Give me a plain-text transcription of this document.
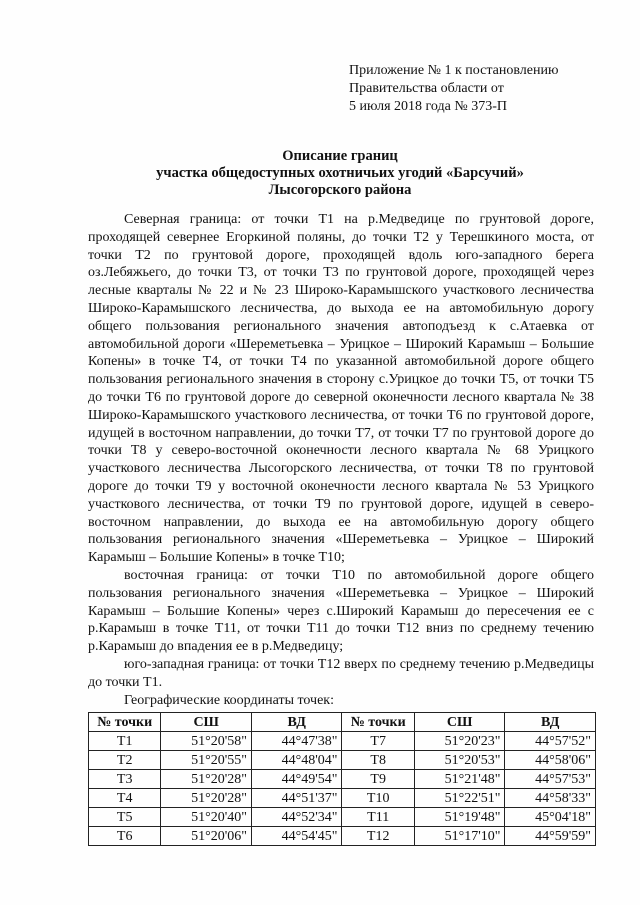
Приложение № 1 к постановлению
Правительства области от
5 июля 2018 года № 373-П
Описание границ
участка общедоступных охотничьих угодий «Барсучий»
Лысогорского района

Северная граница: от точки Т1 на р.Медведице по грунтовой дороге, проходящей севернее Егоркиной поляны, до точки Т2 у Терешкиного моста, от точки Т2 по грунтовой дороге, проходящей вдоль юго-западного берега оз.Лебяжьего, до точки Т3, от точки Т3 по грунтовой дороге, проходящей через лесные кварталы № 22 и № 23 Широко-Карамышского участкового лесничества Широко-Карамышского лесничества, до выхода ее на автомобильную дорогу общего пользования регионального значения автоподъезд к с.Атаевка от автомобильной дороги «Шереметьевка – Урицкое – Широкий Карамыш – Большие Копены» в точке Т4, от точки Т4 по указанной автомобильной дороге общего пользования регионального значения в сторону с.Урицкое до точки Т5, от точки Т5 до точки Т6 по грунтовой дороге до северной оконечности лесного квартала № 38 Широко-Карамышского участкового лесничества, от точки Т6 по грунтовой дороге, идущей в восточном направлении, до точки Т7, от точки Т7 по грунтовой дороге до точки Т8 у северо-восточной оконечности лесного квартала № 68 Урицкого участкового лесничества Лысогорского лесничества, от точки Т8 по грунтовой дороге до точки Т9 у восточной оконечности лесного квартала № 53 Урицкого участкового лесничества, от точки Т9 по грунтовой дороге, идущей в северо-восточном направлении, до выхода ее на автомобильную дорогу общего пользования регионального значения «Шереметьевка – Урицкое – Широкий Карамыш – Большие Копены» в точке Т10;

восточная граница: от точки Т10 по автомобильной дороге общего пользования регионального значения «Шереметьевка – Урицкое – Широкий Карамыш – Большие Копены» через с.Широкий Карамыш до пересечения ее с р.Карамыш в точке Т11, от точки Т11 до точки Т12 вниз по среднему течению р.Карамыш до впадения ее в р.Медведицу;

юго-западная граница: от точки Т12 вверх по среднему течению р.Медведицы до точки Т1.

Географические координаты точек:
№ точки	СШ	ВД	№ точки	СШ	ВД
Т1	51°20'58"	44°47'38"	Т7	51°20'23"	44°57'52"
Т2	51°20'55"	44°48'04"	Т8	51°20'53"	44°58'06"
Т3	51°20'28"	44°49'54"	Т9	51°21'48"	44°57'53"
Т4	51°20'28"	44°51'37"	Т10	51°22'51"	44°58'33"
Т5	51°20'40"	44°52'34"	Т11	51°19'48"	45°04'18"
Т6	51°20'06"	44°54'45"	Т12	51°17'10"	44°59'59"
